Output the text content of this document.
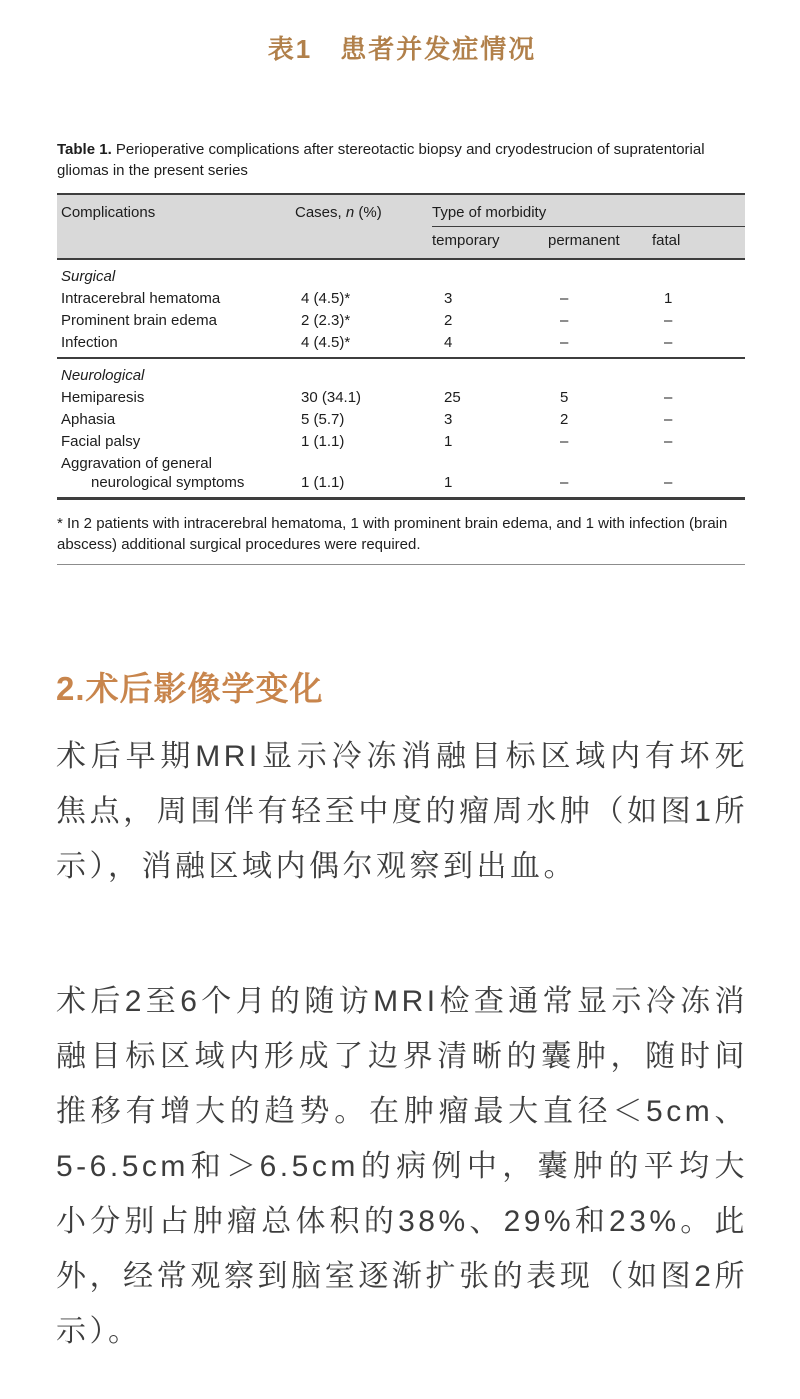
表1　患者并发症情况
Table 1. Perioperative complications after stereotactic biopsy and cryodestrucion of supratentorial gliomas in the present series
Complications	Cases, n (%)	Type of morbidity		
		temporary	permanent	fatal
Surgical				
Intracerebral hematoma	4 (4.5)*	3	–	1
Prominent brain edema	2 (2.3)*	2	–	–
Infection	4 (4.5)*	4	–	–
Neurological				
Hemiparesis	30 (34.1)	25	5	–
Aphasia	5 (5.7)	3	2	–
Facial palsy	1 (1.1)	1	–	–

Aggravation of general
neurological symptoms	1 (1.1)	1	–	–
* In 2 patients with intracerebral hematoma, 1 with prominent brain edema, and 1 with infection (brain abscess) additional surgical procedures were required.
2.术后影像学变化

术后早期MRI显示冷冻消融目标区域内有坏死焦点，周围伴有轻至中度的瘤周水肿（如图1所示），消融区域内偶尔观察到出血。

术后2至6个月的随访MRI检查通常显示冷冻消融目标区域内形成了边界清晰的囊肿，随时间推移有增大的趋势。在肿瘤最大直径＜5cm、5-6.5cm和＞6.5cm的病例中，囊肿的平均大小分别占肿瘤总体积的38%、29%和23%。此外，经常观察到脑室逐渐扩张的表现（如图2所示）。
